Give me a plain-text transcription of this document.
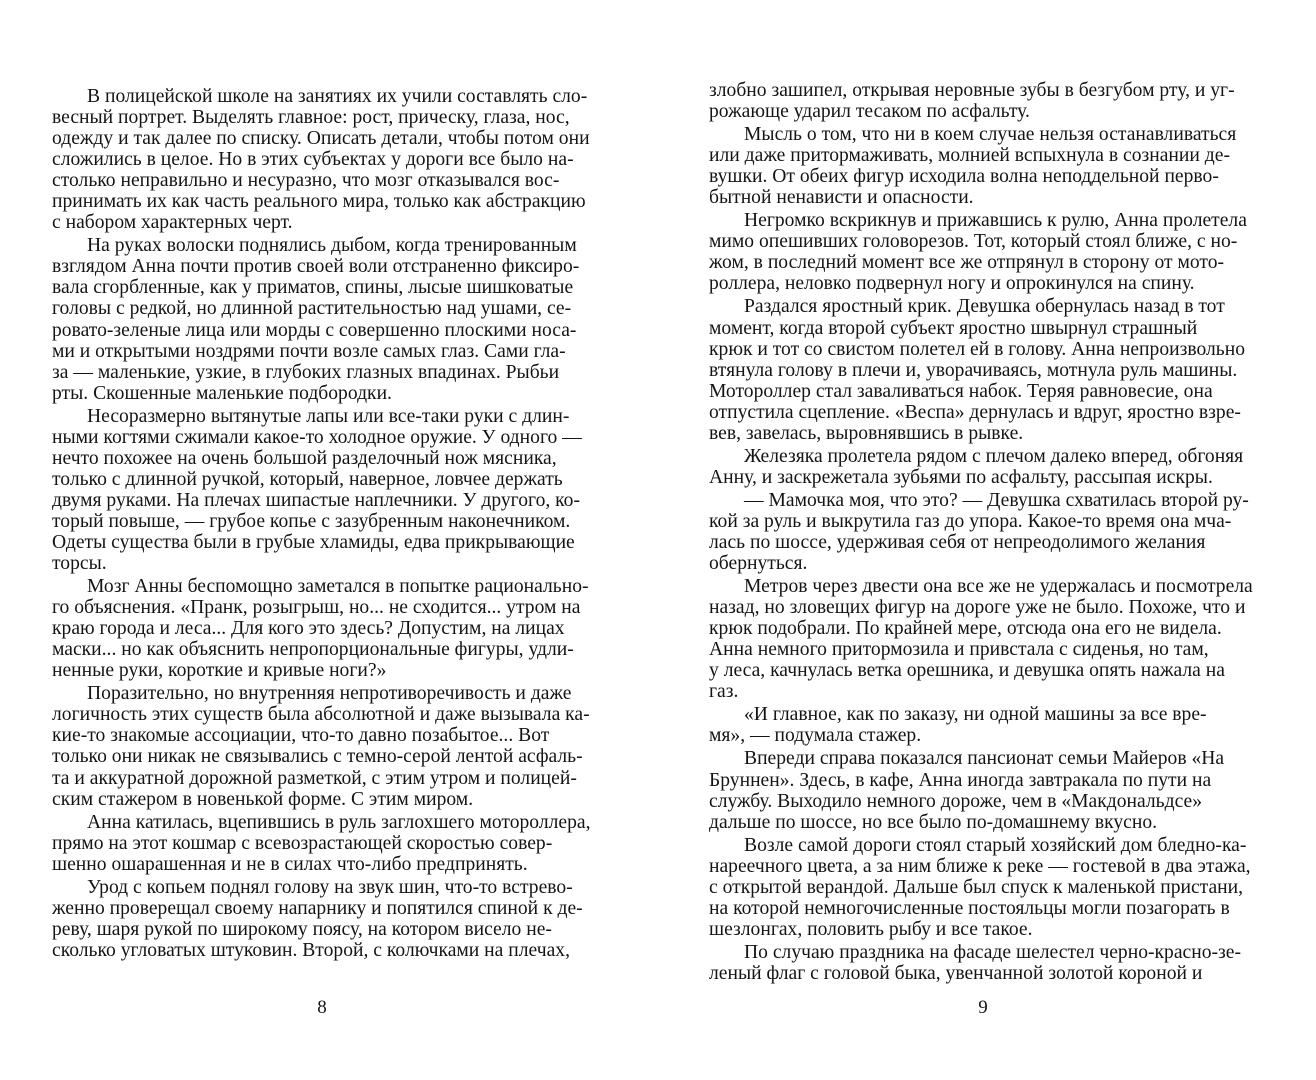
В полицейской школе на занятиях их учили составлять сло-
весный портрет. Выделять главное: рост, прическу, глаза, нос,
одежду и так далее по списку. Описать детали, чтобы потом они
сложились в целое. Но в этих субъектах у дороги все было на-
столько неправильно и несуразно, что мозг отказывался вос-
принимать их как часть реального мира, только как абстракцию
с набором характерных черт.

На руках волоски поднялись дыбом, когда тренированным
взглядом Анна почти против своей воли отстраненно фиксиро-
вала сгорбленные, как у приматов, спины, лысые шишковатые
головы с редкой, но длинной растительностью над ушами, се-
ровато-зеленые лица или морды с совершенно плоскими носа-
ми и открытыми ноздрями почти возле самых глаз. Сами гла-
за — маленькие, узкие, в глубоких глазных впадинах. Рыбьи
рты. Скошенные маленькие подбородки.

Несоразмерно вытянутые лапы или все-таки руки с длин-
ными когтями сжимали какое-то холодное оружие. У одного —
нечто похожее на очень большой разделочный нож мясника,
только с длинной ручкой, который, наверное, ловчее держать
двумя руками. На плечах шипастые наплечники. У другого, ко-
торый повыше, — грубое копье с зазубренным наконечником.
Одеты существа были в грубые хламиды, едва прикрывающие
торсы.

Мозг Анны беспомощно заметался в попытке рационально-
го объяснения. «Пранк, розыгрыш, но... не сходится... утром на
краю города и леса... Для кого это здесь? Допустим, на лицах
маски... но как объяснить непропорциональные фигуры, удли-
ненные руки, короткие и кривые ноги?»

Поразительно, но внутренняя непротиворечивость и даже
логичность этих существ была абсолютной и даже вызывала ка-
кие-то знакомые ассоциации, что-то давно позабытое... Вот
только они никак не связывались с темно-серой лентой асфаль-
та и аккуратной дорожной разметкой, с этим утром и полицей-
ским стажером в новенькой форме. С этим миром.

Анна катилась, вцепившись в руль заглохшего мотороллера,
прямо на этот кошмар с всевозрастающей скоростью совер-
шенно ошарашенная и не в силах что-либо предпринять.

Урод с копьем поднял голову на звук шин, что-то встрево-
женно проверещал своему напарнику и попятился спиной к де-
реву, шаря рукой по широкому поясу, на котором висело не-
сколько угловатых штуковин. Второй, с колючками на плечах,

злобно зашипел, открывая неровные зубы в безгубом рту, и уг-
рожающе ударил тесаком по асфальту.

Мысль о том, что ни в коем случае нельзя останавливаться
или даже притормаживать, молнией вспыхнула в сознании де-
вушки. От обеих фигур исходила волна неподдельной перво-
бытной ненависти и опасности.

Негромко вскрикнув и прижавшись к рулю, Анна пролетела
мимо опешивших головорезов. Тот, который стоял ближе, с но-
жом, в последний момент все же отпрянул в сторону от мото-
роллера, неловко подвернул ногу и опрокинулся на спину.

Раздался яростный крик. Девушка обернулась назад в тот
момент, когда второй субъект яростно швырнул страшный
крюк и тот со свистом полетел ей в голову. Анна непроизвольно
втянула голову в плечи и, уворачиваясь, мотнула руль машины.
Мотороллер стал заваливаться набок. Теряя равновесие, она
отпустила сцепление. «Веспа» дернулась и вдруг, яростно взре-
вев, завелась, выровнявшись в рывке.

Железяка пролетела рядом с плечом далеко вперед, обгоняя
Анну, и заскрежетала зубьями по асфальту, рассыпая искры.

— Мамочка моя, что это? — Девушка схватилась второй ру-
кой за руль и выкрутила газ до упора. Какое-то время она мча-
лась по шоссе, удерживая себя от непреодолимого желания
обернуться.

Метров через двести она все же не удержалась и посмотрела
назад, но зловещих фигур на дороге уже не было. Похоже, что и
крюк подобрали. По крайней мере, отсюда она его не видела.
Анна немного притормозила и привстала с сиденья, но там,
у леса, качнулась ветка орешника, и девушка опять нажала на
газ.

«И главное, как по заказу, ни одной машины за все вре-
мя», — подумала стажер.

Впереди справа показался пансионат семьи Майеров «На
Бруннен». Здесь, в кафе, Анна иногда завтракала по пути на
службу. Выходило немного дороже, чем в «Макдональдсе»
дальше по шоссе, но все было по-домашнему вкусно.

Возле самой дороги стоял старый хозяйский дом бледно-ка-
нареечного цвета, а за ним ближе к реке — гостевой в два этажа,
с открытой верандой. Дальше был спуск к маленькой пристани,
на которой немногочисленные постояльцы могли позагорать в
шезлонгах, половить рыбу и все такое.

По случаю праздника на фасаде шелестел черно-красно-зе-
леный флаг с головой быка, увенчанной золотой короной и

8	9
